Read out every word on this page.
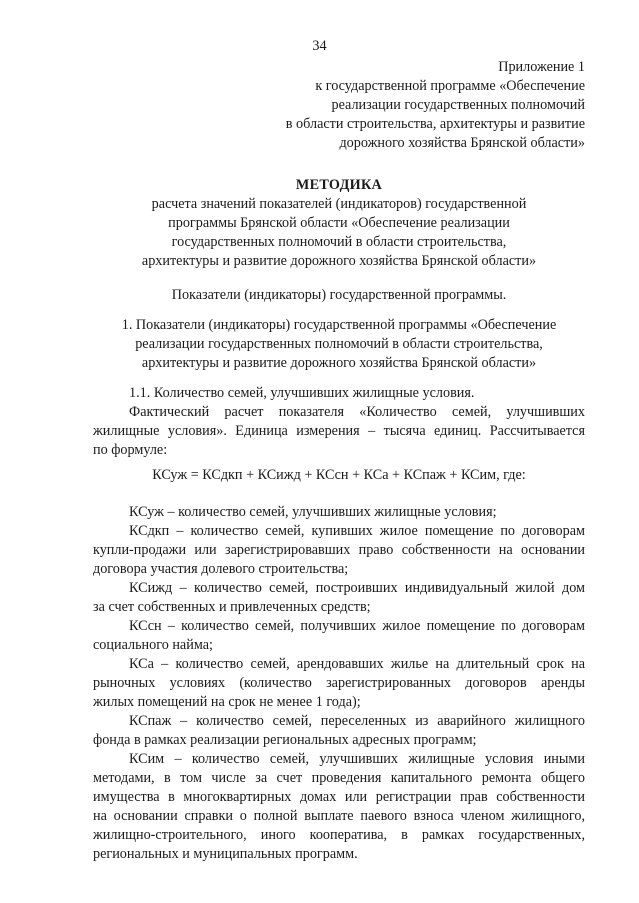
34
Приложение 1
к государственной программе «Обеспечение
реализации государственных полномочий
в области строительства, архитектуры и развитие
дорожного хозяйства Брянской области»
МЕТОДИКА
расчета значений показателей (индикаторов) государственной
программы Брянской области «Обеспечение реализации
государственных полномочий в области строительства,
архитектуры и развитие дорожного хозяйства Брянской области»
Показатели (индикаторы) государственной программы.
1. Показатели (индикаторы) государственной программы «Обеспечение
реализации государственных полномочий в области строительства,
архитектуры и развитие дорожного хозяйства Брянской области»
1.1. Количество семей, улучшивших жилищные условия.
Фактический расчет показателя «Количество семей, улучшивших
жилищные условия». Единица измерения – тысяча единиц. Рассчитывается
по формуле:
КСуж = КСдкп + КСижд + КСсн + КСа + КСпаж + КСим, где:
КСуж – количество семей, улучшивших жилищные условия;
КСдкп – количество семей, купивших жилое помещение по договорам
купли-продажи или зарегистрировавших право собственности на основании
договора участия долевого строительства;
КСижд – количество семей, построивших индивидуальный жилой дом
за счет собственных и привлеченных средств;
КСсн – количество семей, получивших жилое помещение по договорам
социального найма;
КСа – количество семей, арендовавших жилье на длительный срок на
рыночных условиях (количество зарегистрированных договоров аренды
жилых помещений на срок не менее 1 года);
КСпаж – количество семей, переселенных из аварийного жилищного
фонда в рамках реализации региональных адресных программ;
КСим – количество семей, улучшивших жилищные условия иными
методами, в том числе за счет проведения капитального ремонта общего
имущества в многоквартирных домах или регистрации прав собственности
на основании справки о полной выплате паевого взноса членом жилищного,
жилищно-строительного, иного кооператива, в рамках государственных,
региональных и муниципальных программ.
